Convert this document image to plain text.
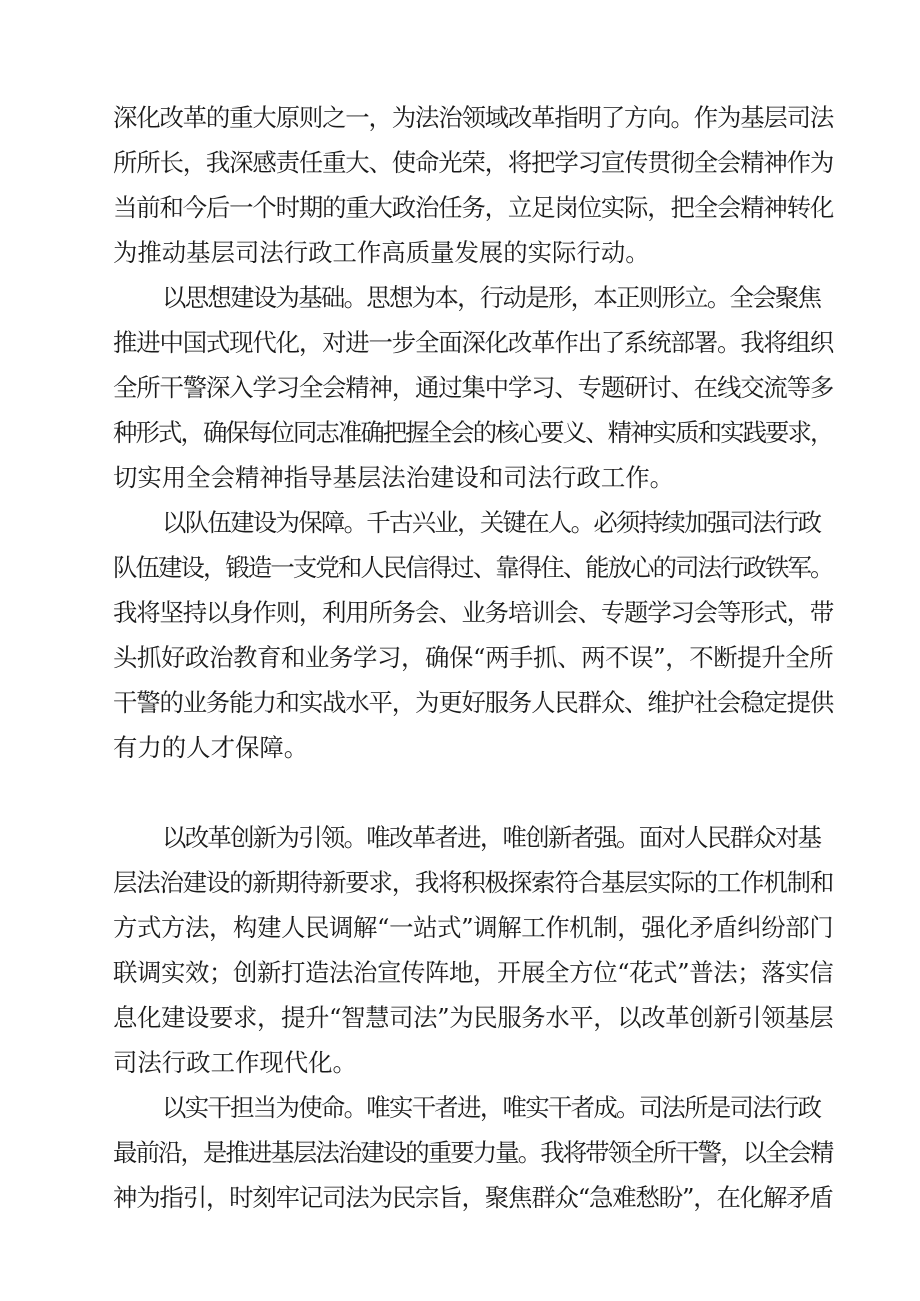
深化改革的重大原则之一，为法治领域改革指明了方向。作为基层司法
所所长，我深感责任重大、使命光荣，将把学习宣传贯彻全会精神作为
当前和今后一个时期的重大政治任务，立足岗位实际，把全会精神转化
为推动基层司法行政工作高质量发展的实际行动。
以思想建设为基础。思想为本，行动是形，本正则形立。全会聚焦
推进中国式现代化，对进一步全面深化改革作出了系统部署。我将组织
全所干警深入学习全会精神，通过集中学习、专题研讨、在线交流等多
种形式，确保每位同志准确把握全会的核心要义、精神实质和实践要求，
切实用全会精神指导基层法治建设和司法行政工作。
以队伍建设为保障。千古兴业，关键在人。必须持续加强司法行政
队伍建设，锻造一支党和人民信得过、靠得住、能放心的司法行政铁军。
我将坚持以身作则，利用所务会、业务培训会、专题学习会等形式，带
头抓好政治教育和业务学习，确保“两手抓、两不误”，不断提升全所
干警的业务能力和实战水平，为更好服务人民群众、维护社会稳定提供
有力的人才保障。
以改革创新为引领。唯改革者进，唯创新者强。面对人民群众对基
层法治建设的新期待新要求，我将积极探索符合基层实际的工作机制和
方式方法，构建人民调解“一站式”调解工作机制，强化矛盾纠纷部门
联调实效；创新打造法治宣传阵地，开展全方位“花式”普法；落实信
息化建设要求，提升“智慧司法”为民服务水平，以改革创新引领基层
司法行政工作现代化。
以实干担当为使命。唯实干者进，唯实干者成。司法所是司法行政
最前沿，是推进基层法治建设的重要力量。我将带领全所干警，以全会精
神为指引，时刻牢记司法为民宗旨，聚焦群众“急难愁盼”，在化解矛盾
